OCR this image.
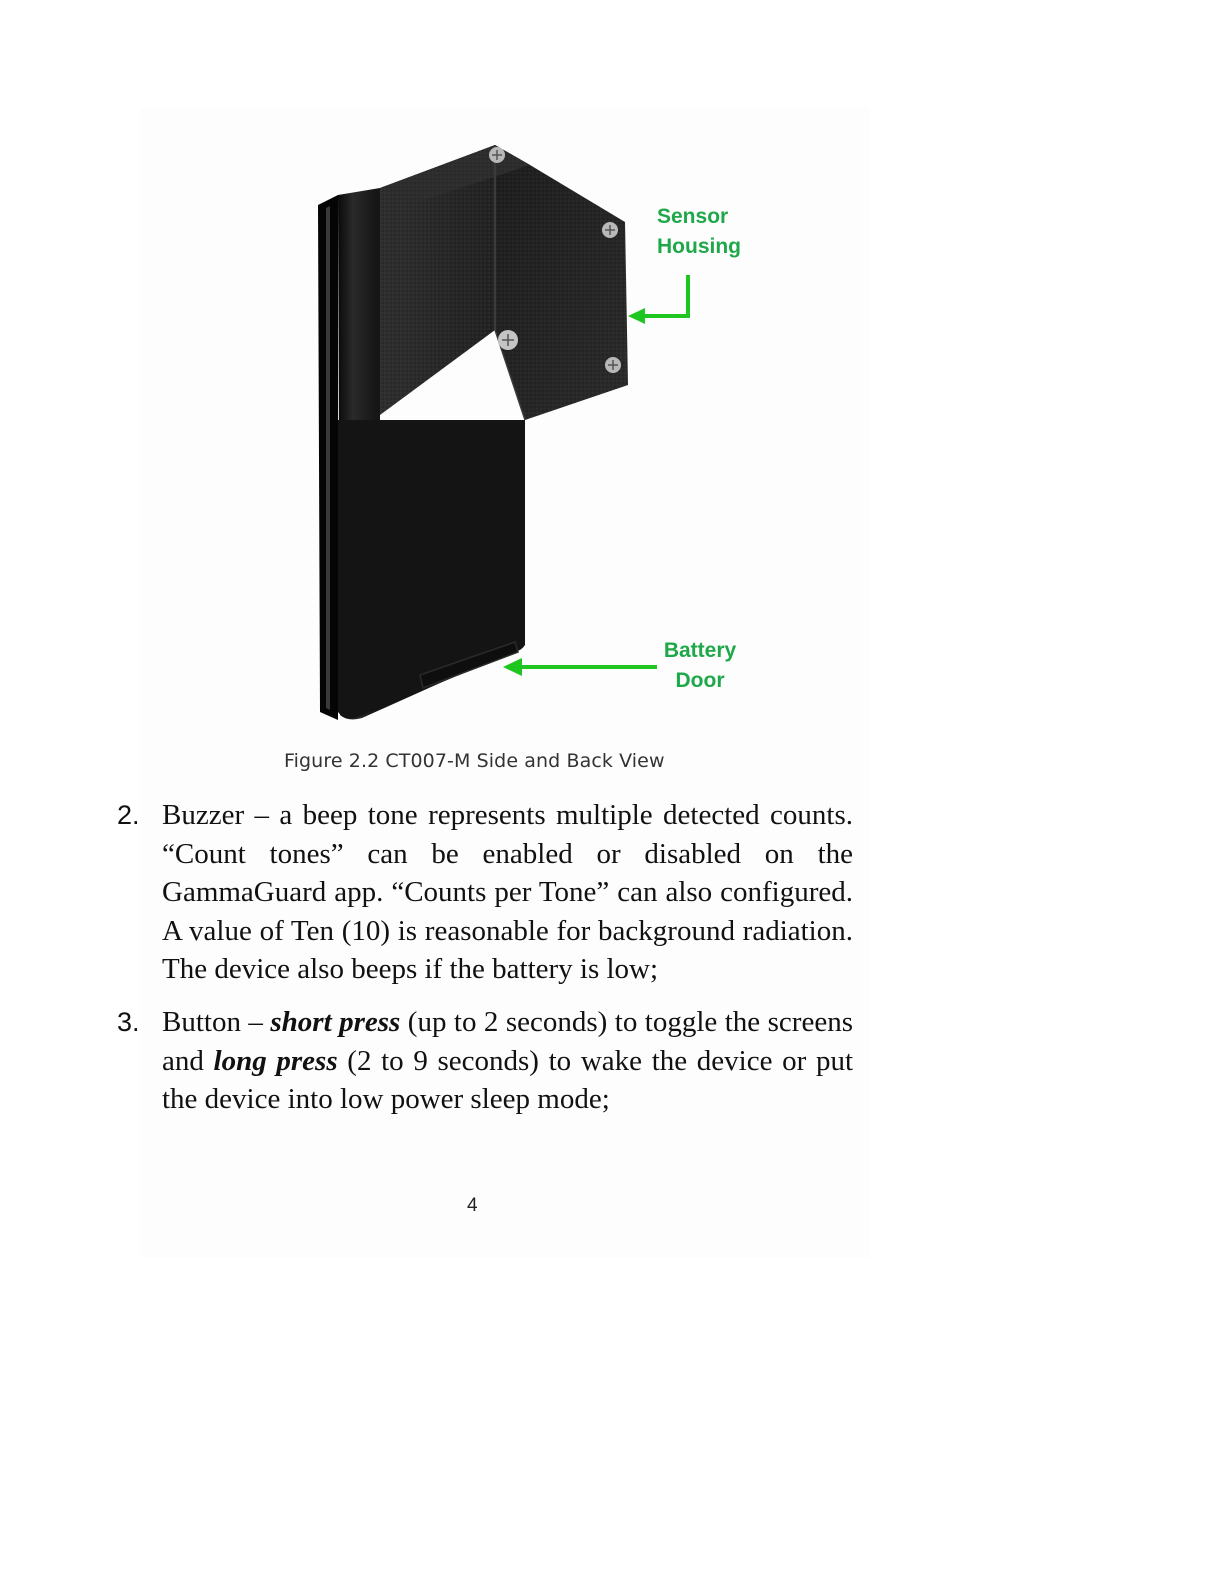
Sensor
Housing
Battery
Door
Figure 2.2 CT007-M Side and Back View
2. Buzzer – a beep tone represents multiple detected counts. “Count tones” can be enabled or disabled on the GammaGuard app. “Counts per Tone” can also configured. A value of Ten (10) is reasonable for background radiation. The device also beeps if the battery is low;
3. Button – short press (up to 2 seconds) to toggle the screens and long press (2 to 9 seconds) to wake the device or put the device into low power sleep mode;
4
